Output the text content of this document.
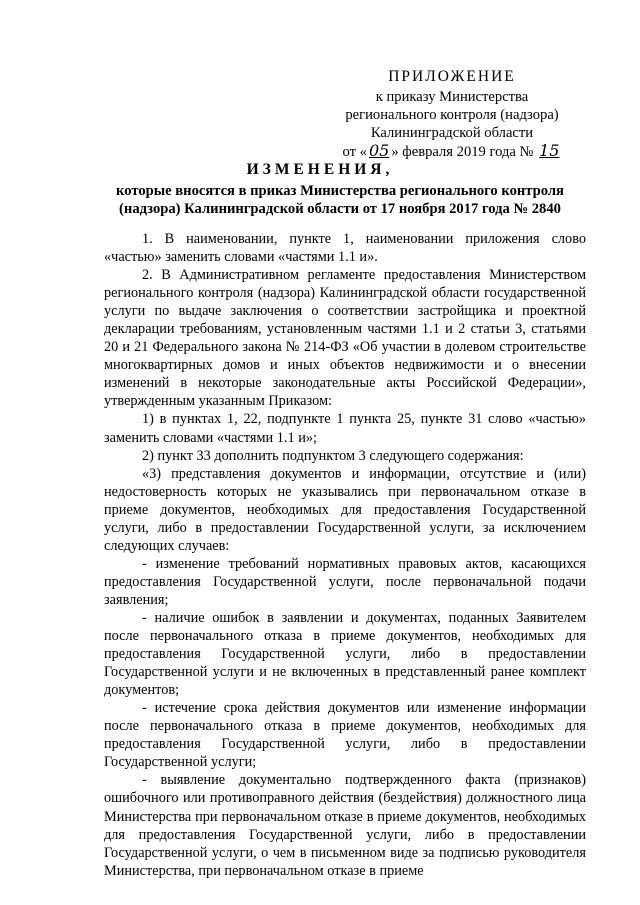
ПРИЛОЖЕНИЕ
к приказу Министерства
регионального контроля (надзора)
Калининградской области
от « 05 » февраля 2019 года № 15
ИЗМЕНЕНИЯ,
которые вносятся в приказ Министерства регионального контроля
(надзора) Калининградской области от 17 ноября 2017 года № 2840

1. В наименовании, пункте 1, наименовании приложения слово «частью» заменить словами «частями 1.1 и».

2. В Административном регламенте предоставления Министерством регионального контроля (надзора) Калининградской области государственной услуги по выдаче заключения о соответствии застройщика и проектной декларации требованиям, установленным частями 1.1 и 2 статьи 3, статьями 20 и 21 Федерального закона № 214-ФЗ «Об участии в долевом строительстве многоквартирных домов и иных объектов недвижимости и о внесении изменений в некоторые законодательные акты Российской Федерации», утвержденным указанным Приказом:

1) в пунктах 1, 22, подпункте 1 пункта 25, пункте 31 слово «частью» заменить словами «частями 1.1 и»;

2) пункт 33 дополнить подпунктом 3 следующего содержания:

«3) представления документов и информации, отсутствие и (или) недостоверность которых не указывались при первоначальном отказе в приеме документов, необходимых для предоставления Государственной услуги, либо в предоставлении Государственной услуги, за исключением следующих случаев:

- изменение требований нормативных правовых актов, касающихся предоставления Государственной услуги, после первоначальной подачи заявления;

- наличие ошибок в заявлении и документах, поданных Заявителем после первоначального отказа в приеме документов, необходимых для предоставления Государственной услуги, либо в предоставлении Государственной услуги и не включенных в представленный ранее комплект документов;

- истечение срока действия документов или изменение информации после первоначального отказа в приеме документов, необходимых для предоставления Государственной услуги, либо в предоставлении Государственной услуги;

- выявление документально подтвержденного факта (признаков) ошибочного или противоправного действия (бездействия) должностного лица Министерства при первоначальном отказе в приеме документов, необходимых для предоставления Государственной услуги, либо в предоставлении Государственной услуги, о чем в письменном виде за подписью руководителя Министерства, при первоначальном отказе в приеме
